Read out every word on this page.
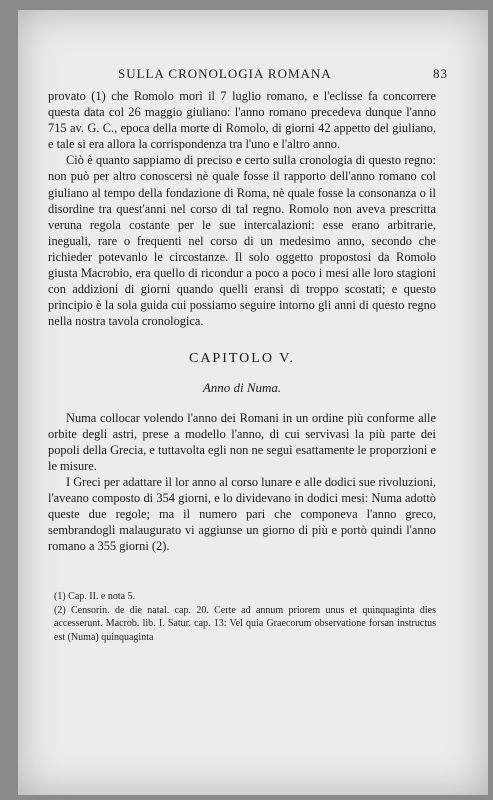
SULLA CRONOLOGIA ROMANA	83

provato (1) che Romolo morì il 7 luglio romano, e l'eclisse fa concorrere questa data col 26 maggio giuliano: l'anno romano precedeva dunque l'anno 715 av. G. C., epoca della morte di Romolo, di giorni 42 appetto del giuliano, e tale si era allora la corrispondenza tra l'uno e l'altro anno.

Ciò è quanto sappiamo di preciso e certo sulla cronologia di questo regno: non può per altro conoscersi nè quale fosse il rapporto dell'anno romano col giuliano al tempo della fondazione di Roma, nè quale fosse la consonanza o il disordine tra quest'anni nel corso di tal regno. Romolo non aveva prescritta veruna regola costante per le sue intercalazioni: esse erano arbitrarie, ineguali, rare o frequenti nel corso di un medesimo anno, secondo che richieder potevanlo le circostanze. Il solo oggetto propostosi da Romolo giusta Macrobio, era quello di ricondur a poco a poco i mesi alle loro stagioni con addizioni di giorni quando quelli eransi di troppo scostati; e questo principio è la sola guida cui possiamo seguire intorno gli anni di questo regno nella nostra tavola cronologica.

CAPITOLO V.
Anno di Numa.

Numa collocar volendo l'anno dei Romani in un ordine più conforme alle orbite degli astri, prese a modello l'anno, di cui servivasi la più parte dei popoli della Grecia, e tuttavolta egli non ne seguì esattamente le proporzioni e le misure.

I Greci per adattare il lor anno al corso lunare e alle dodici sue rivoluzioni, l'aveano composto di 354 giorni, e lo dividevano in dodici mesi: Numa adottò queste due regole; ma il numero pari che componeva l'anno greco, sembrandogli malaugurato vi aggiunse un giorno di più e portò quindi l'anno romano a 355 giorni (2).

(1) Cap. II. e nota 5.

(2) Censorin. de die natal. cap. 20. Certe ad annum priorem unus et quinquaginta dies accesserunt. Macrob. lib. I. Satur. cap. 13: Vel quia Graecorum observatione forsan instructus est (Numa) quinquaginta
